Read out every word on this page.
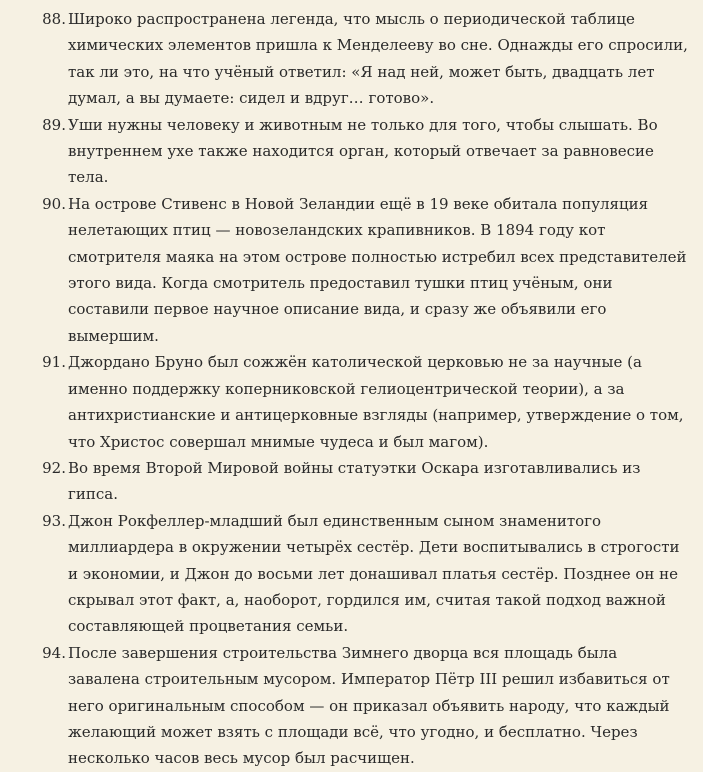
88. Широко распространена легенда, что мысль о периодической таблице химических элементов пришла к Менделееву во сне. Однажды его спросили, так ли это, на что учёный ответил: «Я над ней, может быть, двадцать лет думал, а вы думаете: сидел и вдруг… готово».
89. Уши нужны человеку и животным не только для того, чтобы слышать. Во внутреннем ухе также находится орган, который отвечает за равновесие тела.
90. На острове Стивенс в Новой Зеландии ещё в 19 веке обитала популяция нелетающих птиц — новозеландских крапивников. В 1894 году кот смотрителя маяка на этом острове полностью истребил всех представителей этого вида. Когда смотритель предоставил тушки птиц учёным, они составили первое научное описание вида, и сразу же объявили его вымершим.
91. Джордано Бруно был сожжён католической церковью не за научные (а именно поддержку коперниковской гелиоцентрической теории), а за антихристианские и антицерковные взгляды (например, утверждение о том, что Христос совершал мнимые чудеса и был магом).
92. Во время Второй Мировой войны статуэтки Оскара изготавливались из гипса.
93. Джон Рокфеллер-младший был единственным сыном знаменитого миллиардера в окружении четырёх сестёр. Дети воспитывались в строгости и экономии, и Джон до восьми лет донашивал платья сестёр. Позднее он не скрывал этот факт, а, наоборот, гордился им, считая такой подход важной составляющей процветания семьи.
94. После завершения строительства Зимнего дворца вся площадь была завалена строительным мусором. Император Пётр III решил избавиться от него оригинальным способом — он приказал объявить народу, что каждый желающий может взять с площади всё, что угодно, и бесплатно. Через несколько часов весь мусор был расчищен.
